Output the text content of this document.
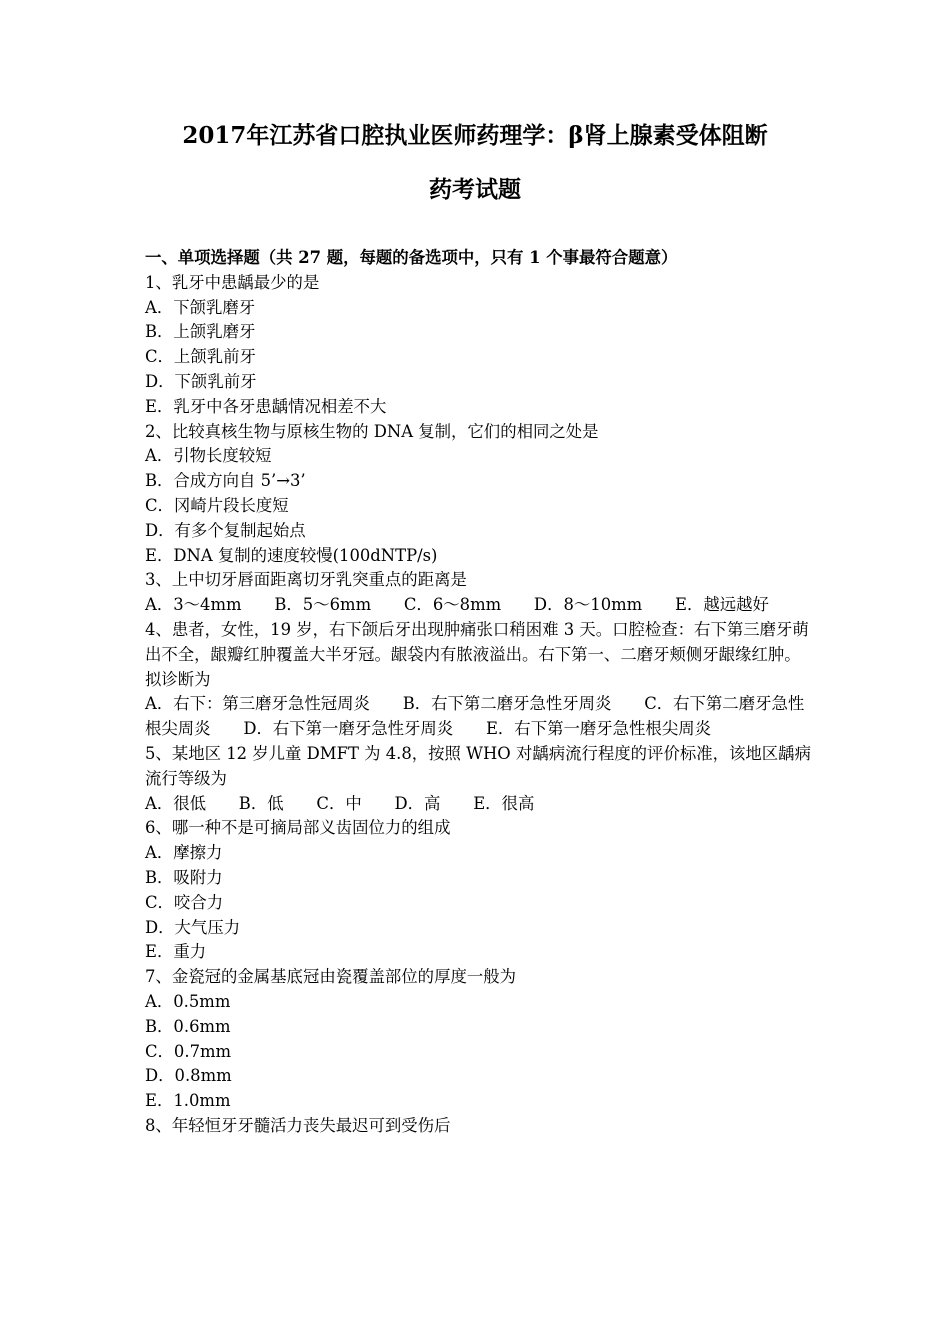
2017年江苏省口腔执业医师药理学：β肾上腺素受体阻断
药考试题
一、单项选择题（共 27 题，每题的备选项中，只有 1 个事最符合题意）
1、乳牙中患龋最少的是
A．下颌乳磨牙
B．上颌乳磨牙
C．上颌乳前牙
D．下颌乳前牙
E．乳牙中各牙患龋情况相差不大
2、比较真核生物与原核生物的 DNA 复制，它们的相同之处是
A．引物长度较短
B．合成方向自 5’→3’
C．冈崎片段长度短
D．有多个复制起始点
E．DNA 复制的速度较慢(100dNTP/s)
3、上中切牙唇面距离切牙乳突重点的距离是
A．3～4mm　　B．5～6mm　　C．6～8mm　　D．8～10mm　　E．越远越好
4、患者，女性，19 岁，右下颌后牙出现肿痛张口稍困难 3 天。口腔检查：右下第三磨牙萌出不全，龈瓣红肿覆盖大半牙冠。龈袋内有脓液溢出。右下第一、二磨牙颊侧牙龈缘红肿。拟诊断为
A．右下：第三磨牙急性冠周炎　　B．右下第二磨牙急性牙周炎　　C．右下第二磨牙急性根尖周炎　　D．右下第一磨牙急性牙周炎　　E．右下第一磨牙急性根尖周炎
5、某地区 12 岁儿童 DMFT 为 4.8，按照 WHO 对龋病流行程度的评价标准，该地区龋病流行等级为
A．很低　　B．低　　C．中　　D．高　　E．很高
6、哪一种不是可摘局部义齿固位力的组成
A．摩擦力
B．吸附力
C．咬合力
D．大气压力
E．重力
7、金瓷冠的金属基底冠由瓷覆盖部位的厚度一般为
A．0.5mm
B．0.6mm
C．0.7mm
D．0.8mm
E．1.0mm
8、年轻恒牙牙髓活力丧失最迟可到受伤后
